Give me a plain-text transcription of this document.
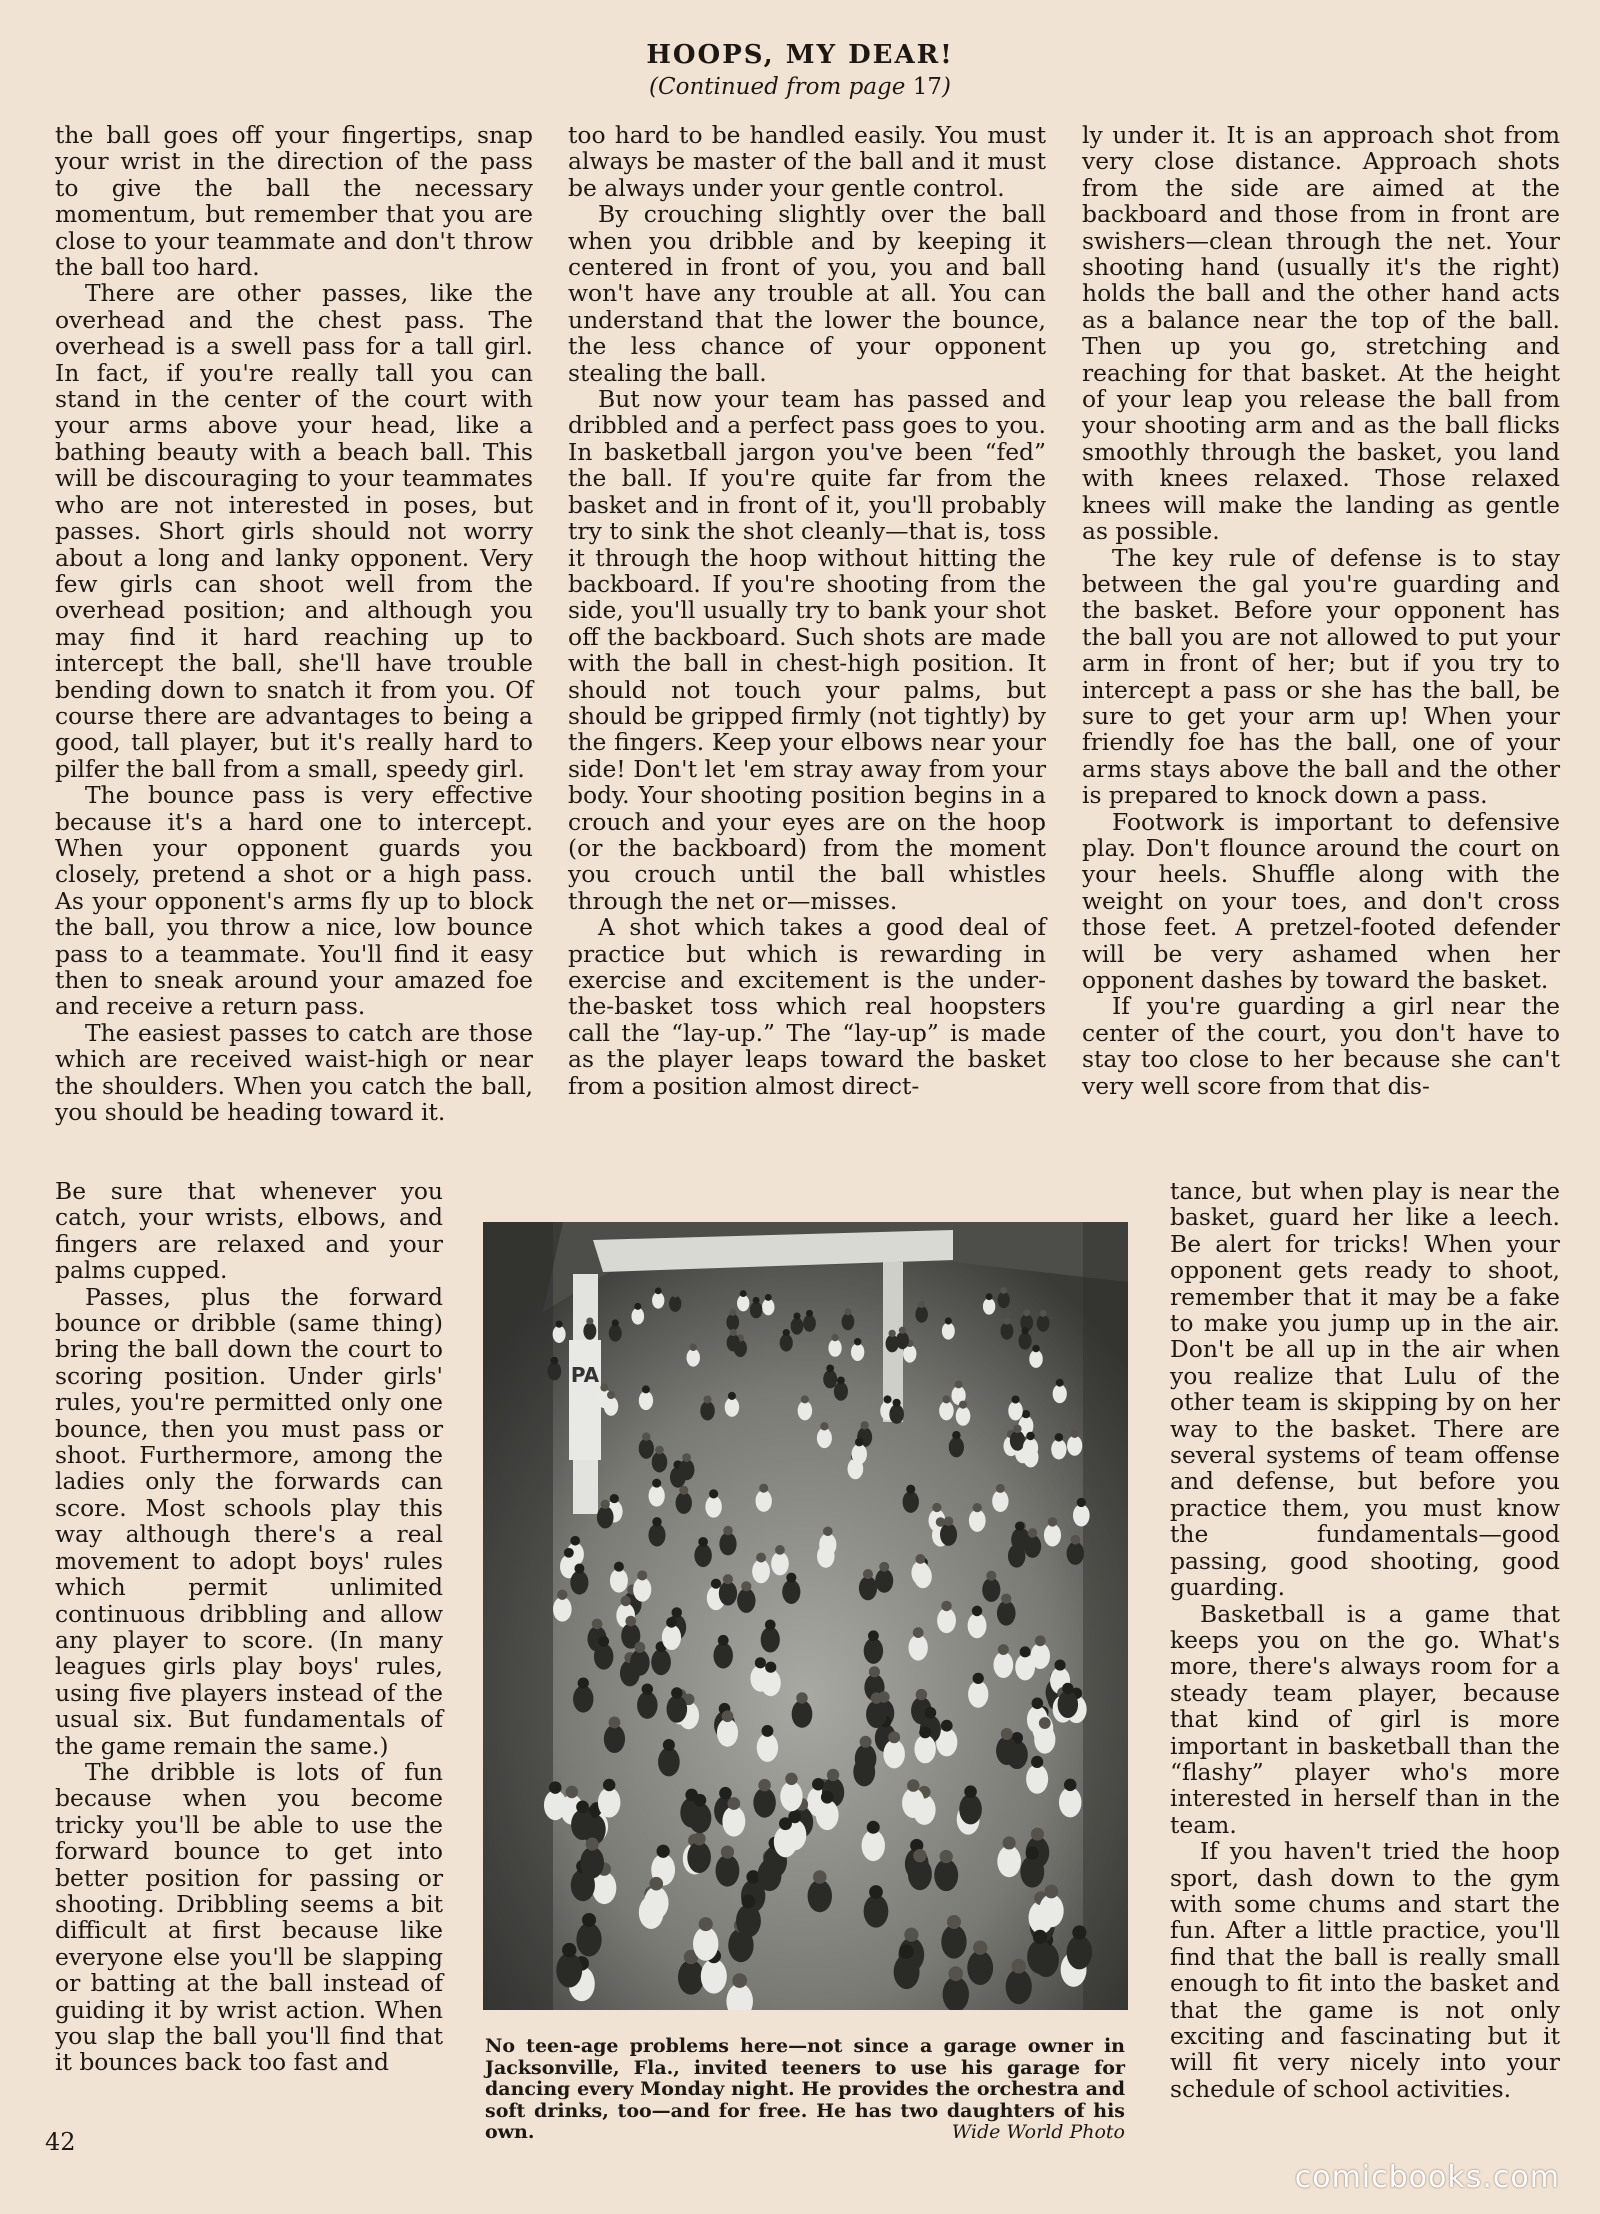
HOOPS, MY DEAR!
(Continued from page 17)

the ball goes off your fingertips, snap your wrist in the direction of the pass to give the ball the necessary momentum, but remember that you are close to your teammate and don't throw the ball too hard.

There are other passes, like the overhead and the chest pass. The overhead is a swell pass for a tall girl. In fact, if you're really tall you can stand in the center of the court with your arms above your head, like a bathing beauty with a beach ball. This will be discouraging to your teammates who are not interested in poses, but passes. Short girls should not worry about a long and lanky opponent. Very few girls can shoot well from the overhead position; and although you may find it hard reaching up to intercept the ball, she'll have trouble bending down to snatch it from you. Of course there are advantages to being a good, tall player, but it's really hard to pilfer the ball from a small, speedy girl.

The bounce pass is very effective because it's a hard one to intercept. When your opponent guards you closely, pretend a shot or a high pass. As your opponent's arms fly up to block the ball, you throw a nice, low bounce pass to a teammate. You'll find it easy then to sneak around your amazed foe and receive a return pass.

The easiest passes to catch are those which are received waist-high or near the shoulders. When you catch the ball, you should be heading toward it.

Be sure that whenever you catch, your wrists, elbows, and fingers are relaxed and your palms cupped.

Passes, plus the forward bounce or dribble (same thing) bring the ball down the court to scoring position. Under girls' rules, you're permitted only one bounce, then you must pass or shoot. Furthermore, among the ladies only the forwards can score. Most schools play this way although there's a real movement to adopt boys' rules which permit unlimited continuous dribbling and allow any player to score. (In many leagues girls play boys' rules, using five players instead of the usual six. But fundamentals of the game remain the same.)

The dribble is lots of fun because when you become tricky you'll be able to use the forward bounce to get into better position for passing or shooting. Dribbling seems a bit difficult at first because like everyone else you'll be slapping or batting at the ball instead of guiding it by wrist action. When you slap the ball you'll find that it bounces back too fast and

too hard to be handled easily. You must always be master of the ball and it must be always under your gentle control.

By crouching slightly over the ball when you dribble and by keeping it centered in front of you, you and ball won't have any trouble at all. You can understand that the lower the bounce, the less chance of your opponent stealing the ball.

But now your team has passed and dribbled and a perfect pass goes to you. In basketball jargon you've been “fed” the ball. If you're quite far from the basket and in front of it, you'll probably try to sink the shot cleanly—that is, toss it through the hoop without hitting the backboard. If you're shooting from the side, you'll usually try to bank your shot off the backboard. Such shots are made with the ball in chest-high position. It should not touch your palms, but should be gripped firmly (not tightly) by the fingers. Keep your elbows near your side! Don't let 'em stray away from your body. Your shooting position begins in a crouch and your eyes are on the hoop (or the backboard) from the moment you crouch until the ball whistles through the net or—misses.

A shot which takes a good deal of practice but which is rewarding in exercise and excitement is the under-the-basket toss which real hoopsters call the “lay-up.” The “lay-up” is made as the player leaps toward the basket from a position almost direct-

ly under it. It is an approach shot from very close distance. Approach shots from the side are aimed at the backboard and those from in front are swishers—clean through the net. Your shooting hand (usually it's the right) holds the ball and the other hand acts as a balance near the top of the ball. Then up you go, stretching and reaching for that basket. At the height of your leap you release the ball from your shooting arm and as the ball flicks smoothly through the basket, you land with knees relaxed. Those relaxed knees will make the landing as gentle as possible.

The key rule of defense is to stay between the gal you're guarding and the basket. Before your opponent has the ball you are not allowed to put your arm in front of her; but if you try to intercept a pass or she has the ball, be sure to get your arm up! When your friendly foe has the ball, one of your arms stays above the ball and the other is prepared to knock down a pass.

Footwork is important to defensive play. Don't flounce around the court on your heels. Shuffle along with the weight on your toes, and don't cross those feet. A pretzel-footed defender will be very ashamed when her opponent dashes by toward the basket.

If you're guarding a girl near the center of the court, you don't have to stay too close to her because she can't very well score from that dis-

tance, but when play is near the basket, guard her like a leech. Be alert for tricks! When your opponent gets ready to shoot, remember that it may be a fake to make you jump up in the air. Don't be all up in the air when you realize that Lulu of the other team is skipping by on her way to the basket. There are several systems of team offense and defense, but before you practice them, you must know the fundamentals—good passing, good shooting, good guarding.

Basketball is a game that keeps you on the go. What's more, there's always room for a steady team player, because that kind of girl is more important in basketball than the “flashy” player who's more interested in herself than in the team.

If you haven't tried the hoop sport, dash down to the gym with some chums and start the fun. After a little practice, you'll find that the ball is really small enough to fit into the basket and that the game is not only exciting and fascinating but it will fit very nicely into your schedule of school activities.

PA
No teen-age problems here—not since a garage owner in Jacksonville, Fla., invited teeners to use his garage for dancing every Monday night. He provides the orchestra and soft drinks, too—and for free. He has two daughters of his own.	Wide World Photo
42
comicbooks.com
